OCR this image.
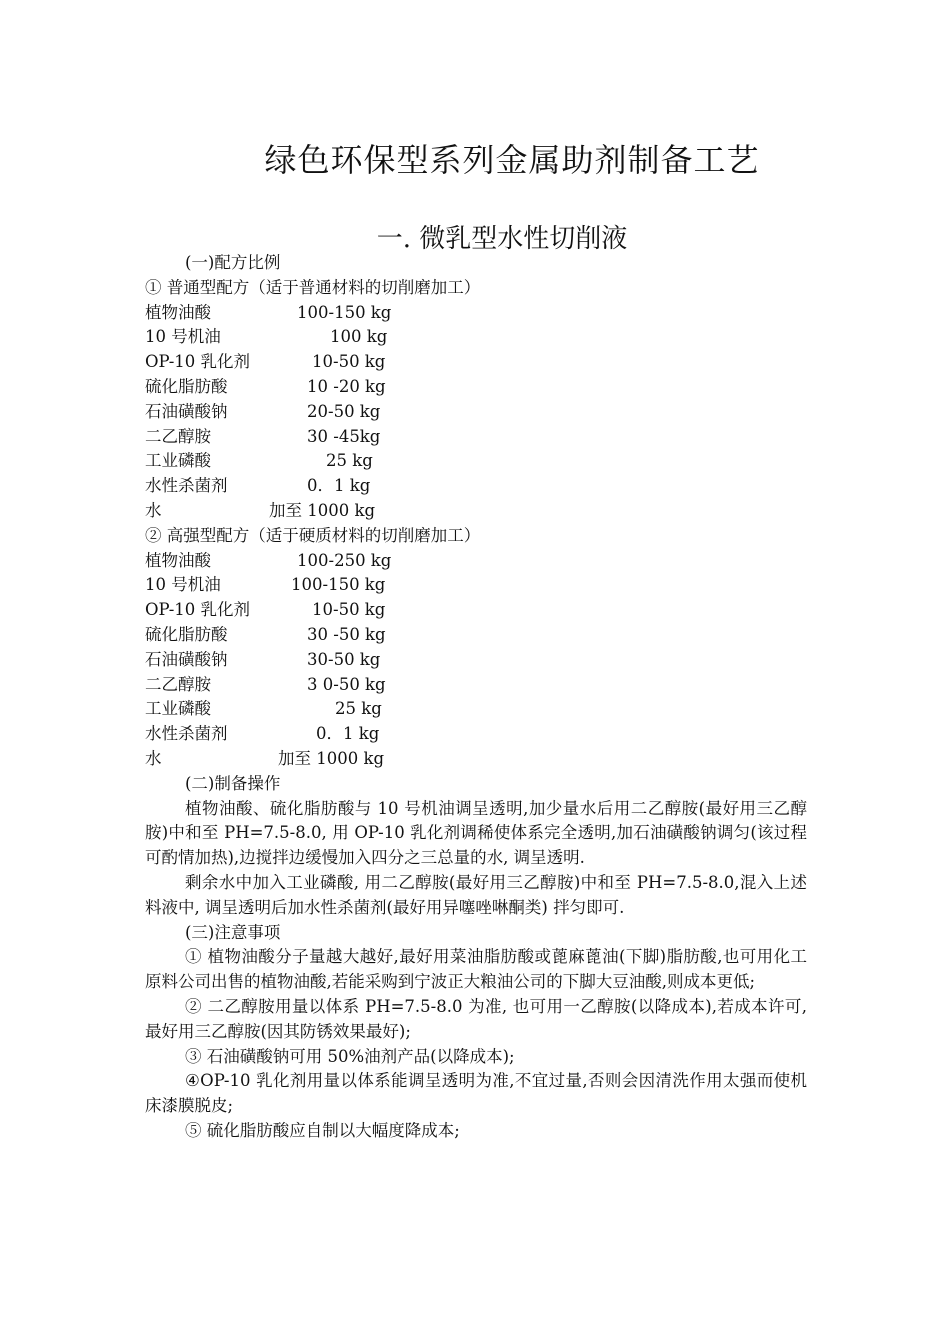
绿色环保型系列金属助剂制备工艺
一. 微乳型水性切削液
(一)配方比例
① 普通型配方（适于普通材料的切削磨加工）
植物油酸	100-150 kg
10 号机油	100 kg
OP-10 乳化剂	10-50 kg
硫化脂肪酸	10 -20 kg
石油磺酸钠	20-50 kg
二乙醇胺	30 -45kg
工业磷酸	25 kg
水性杀菌剂	0．1 kg
水	加至 1000 kg
② 高强型配方（适于硬质材料的切削磨加工）
植物油酸	100-250 kg
10 号机油	100-150 kg
OP-10 乳化剂	10-50 kg
硫化脂肪酸	30 -50 kg
石油磺酸钠	30-50 kg
二乙醇胺	3 0-50 kg
工业磷酸	25 kg
水性杀菌剂	0．1 kg
水	加至 1000 kg
(二)制备操作
植物油酸、硫化脂肪酸与 10 号机油调呈透明,加少量水后用二乙醇胺(最好用三乙醇胺)中和至 PH=7.5-8.0, 用 OP-10 乳化剂调稀使体系完全透明,加石油磺酸钠调匀(该过程可酌情加热),边搅拌边缓慢加入四分之三总量的水, 调呈透明.
剩余水中加入工业磷酸, 用二乙醇胺(最好用三乙醇胺)中和至 PH=7.5-8.0,混入上述料液中, 调呈透明后加水性杀菌剂(最好用异噻唑啉酮类) 拌匀即可.
(三)注意事项
① 植物油酸分子量越大越好,最好用菜油脂肪酸或蓖麻蓖油(下脚)脂肪酸,也可用化工原料公司出售的植物油酸,若能采购到宁波正大粮油公司的下脚大豆油酸,则成本更低;
② 二乙醇胺用量以体系 PH=7.5-8.0 为准, 也可用一乙醇胺(以降成本),若成本许可,最好用三乙醇胺(因其防锈效果最好);
③ 石油磺酸钠可用 50%油剂产品(以降成本);
④OP-10 乳化剂用量以体系能调呈透明为准,不宜过量,否则会因清洗作用太强而使机床漆膜脱皮;
⑤ 硫化脂肪酸应自制以大幅度降成本;
